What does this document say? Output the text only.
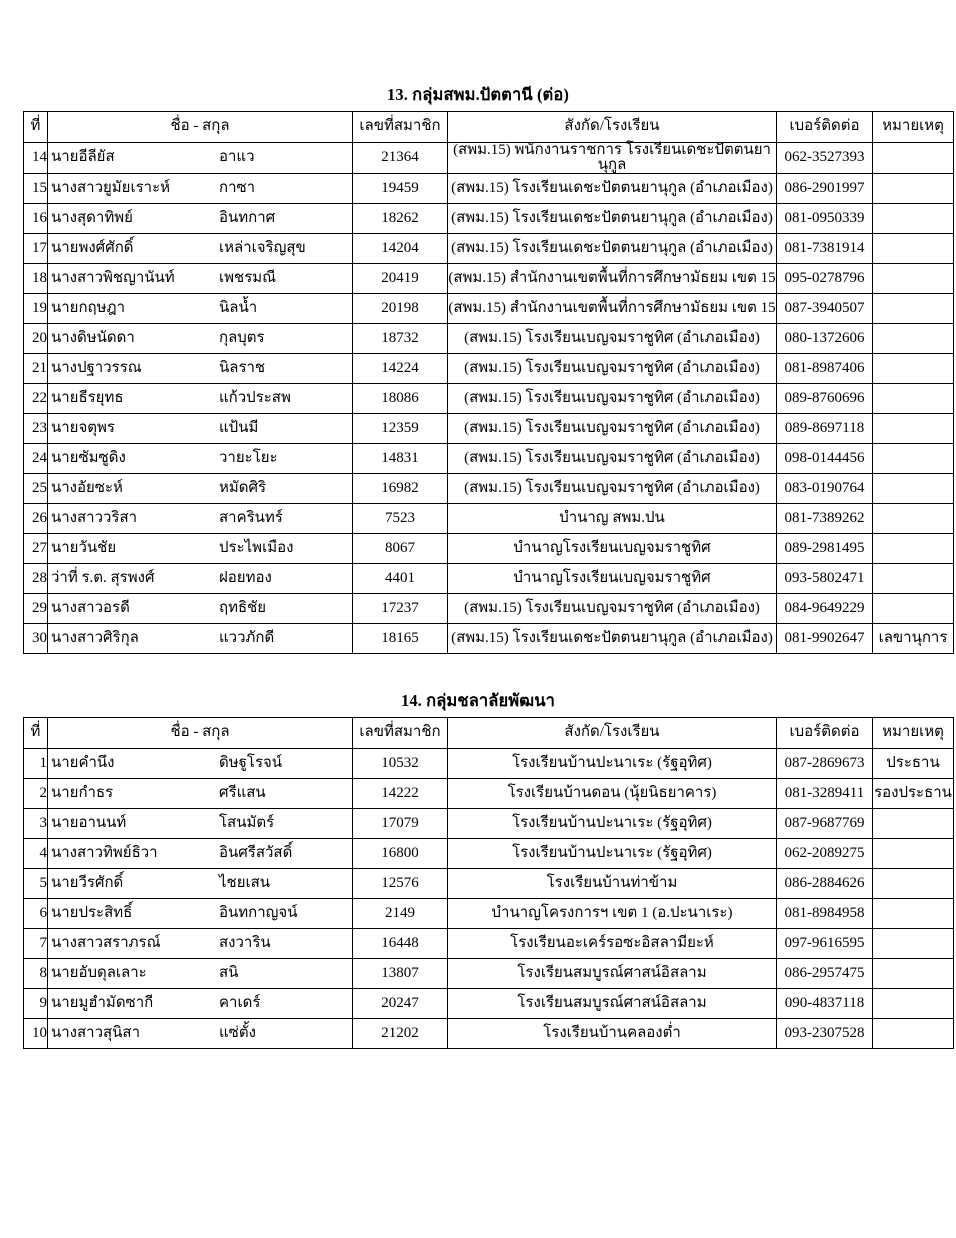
13. กลุ่มสพม.ปัตตานี (ต่อ)
ที่	ชื่อ - สกุล	เลขที่สมาชิก	สังกัด/โรงเรียน	เบอร์ติดต่อ	หมายเหตุ

14	นายอีลียัส อาแว	21364	(สพม.15) พนักงานราชการ โรงเรียนเดชะปัตตนยานุกูล	062-3527393	
15	นางสาวยูมัยเราะห์ กาซา	19459	(สพม.15) โรงเรียนเดชะปัตตนยานุกูล (อำเภอเมือง)	086-2901997	
16	นางสุดาทิพย์ อินทกาศ	18262	(สพม.15) โรงเรียนเดชะปัตตนยานุกูล (อำเภอเมือง)	081-0950339	
17	นายพงศ์ศักดิ์ เหล่าเจริญสุข	14204	(สพม.15) โรงเรียนเดชะปัตตนยานุกูล (อำเภอเมือง)	081-7381914	
18	นางสาวพิชญานันท์ เพชรมณี	20419	(สพม.15) สำนักงานเขตพื้นที่การศึกษามัธยม เขต 15	095-0278796	
19	นายกฤษฎา นิลน้ำ	20198	(สพม.15) สำนักงานเขตพื้นที่การศึกษามัธยม เขต 15	087-3940507	
20	นางดิษนัดดา กุลบุตร	18732	(สพม.15) โรงเรียนเบญจมราชูทิศ (อำเภอเมือง)	080-1372606	
21	นางปฐาวรรณ นิลราช	14224	(สพม.15) โรงเรียนเบญจมราชูทิศ (อำเภอเมือง)	081-8987406	
22	นายธีรยุทธ แก้วประสพ	18086	(สพม.15) โรงเรียนเบญจมราชูทิศ (อำเภอเมือง)	089-8760696	
23	นายจตุพร แป้นมี	12359	(สพม.15) โรงเรียนเบญจมราชูทิศ (อำเภอเมือง)	089-8697118	
24	นายซัมซูดิง วายะโยะ	14831	(สพม.15) โรงเรียนเบญจมราชูทิศ (อำเภอเมือง)	098-0144456	
25	นางอัยซะห์ หมัดศิริ	16982	(สพม.15) โรงเรียนเบญจมราชูทิศ (อำเภอเมือง)	083-0190764	
26	นางสาววริสา สาครินทร์	7523	บำนาญ สพม.ปน	081-7389262	
27	นายวันชัย ประไพเมือง	8067	บำนาญโรงเรียนเบญจมราชูทิศ	089-2981495	
28	ว่าที่ ร.ต. สุรพงศ์ ฝอยทอง	4401	บำนาญโรงเรียนเบญจมราชูทิศ	093-5802471	
29	นางสาวอรดี ฤทธิชัย	17237	(สพม.15) โรงเรียนเบญจมราชูทิศ (อำเภอเมือง)	084-9649229	
30	นางสาวศิริกุล แววภักดี	18165	(สพม.15) โรงเรียนเดชะปัตตนยานุกูล (อำเภอเมือง)	081-9902647	เลขานุการ
14. กลุ่มชลาลัยพัฒนา
ที่	ชื่อ - สกุล	เลขที่สมาชิก	สังกัด/โรงเรียน	เบอร์ติดต่อ	หมายเหตุ

1	นายคำนึง ดิษฐูโรจน์	10532	โรงเรียนบ้านปะนาเระ (รัฐอุทิศ)	087-2869673	ประธาน
2	นายกำธร ศรีแสน	14222	โรงเรียนบ้านดอน (นุ้ยนิธยาคาร)	081-3289411	รองประธาน
3	นายอานนท์ โสนมัตร์	17079	โรงเรียนบ้านปะนาเระ (รัฐอุทิศ)	087-9687769	
4	นางสาวทิพย์ธิวา อินศรีสวัสดิ์	16800	โรงเรียนบ้านปะนาเระ (รัฐอุทิศ)	062-2089275	
5	นายวีรศักดิ์ ไชยเสน	12576	โรงเรียนบ้านท่าข้าม	086-2884626	
6	นายประสิทธิ์ อินทกาญจน์	2149	บำนาญโครงการฯ เขต 1 (อ.ปะนาเระ)	081-8984958	
7	นางสาวสราภรณ์ สงวาริน	16448	โรงเรียนอะเคร์รอซะอิสลามียะห์	097-9616595	
8	นายอับดุลเลาะ สนิ	13807	โรงเรียนสมบูรณ์ศาสน์อิสลาม	086-2957475	
9	นายมูฮำมัดซากี คาเดร์	20247	โรงเรียนสมบูรณ์ศาสน์อิสลาม	090-4837118	
10	นางสาวสุนิสา แซ่ตั้ง	21202	โรงเรียนบ้านคลองต่ำ	093-2307528	
